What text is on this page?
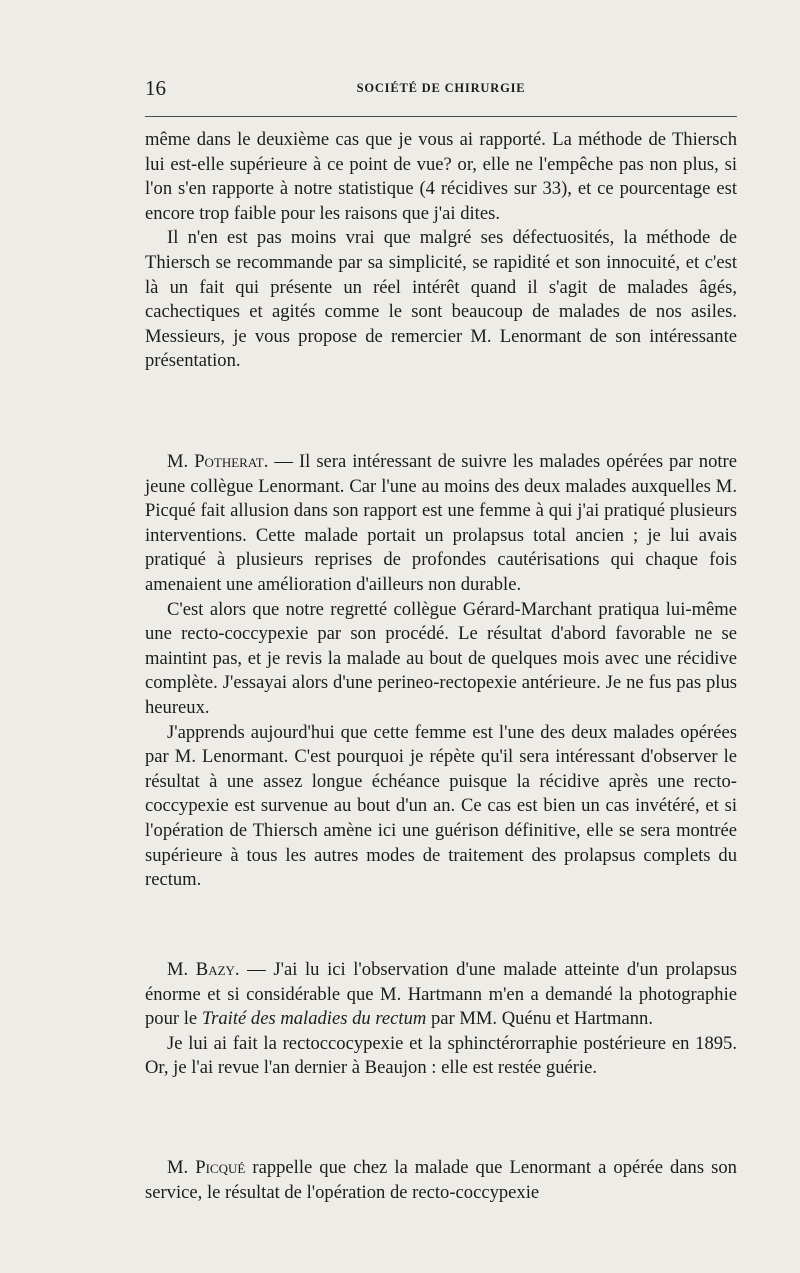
16	SOCIÉTÉ DE CHIRURGIE

même dans le deuxième cas que je vous ai rapporté. La méthode de Thiersch lui est-elle supérieure à ce point de vue? or, elle ne l'empêche pas non plus, si l'on s'en rapporte à notre statistique (4 récidives sur 33), et ce pourcentage est encore trop faible pour les raisons que j'ai dites.

Il n'en est pas moins vrai que malgré ses défectuosités, la méthode de Thiersch se recommande par sa simplicité, se rapidité et son innocuité, et c'est là un fait qui présente un réel intérêt quand il s'agit de malades âgés, cachectiques et agités comme le sont beaucoup de malades de nos asiles. Messieurs, je vous propose de remercier M. Lenormant de son intéressante présentation.

M. Potherat. — Il sera intéressant de suivre les malades opérées par notre jeune collègue Lenormant. Car l'une au moins des deux malades auxquelles M. Picqué fait allusion dans son rapport est une femme à qui j'ai pratiqué plusieurs interventions. Cette malade portait un prolapsus total ancien ; je lui avais pratiqué à plusieurs reprises de profondes cautérisations qui chaque fois amenaient une amélioration d'ailleurs non durable.

C'est alors que notre regretté collègue Gérard-Marchant pratiqua lui-même une recto-coccypexie par son procédé. Le résultat d'abord favorable ne se maintint pas, et je revis la malade au bout de quelques mois avec une récidive complète. J'essayai alors d'une perineo-rectopexie antérieure. Je ne fus pas plus heureux.

J'apprends aujourd'hui que cette femme est l'une des deux malades opérées par M. Lenormant. C'est pourquoi je répète qu'il sera intéressant d'observer le résultat à une assez longue échéance puisque la récidive après une recto-coccypexie est survenue au bout d'un an. Ce cas est bien un cas invétéré, et si l'opération de Thiersch amène ici une guérison définitive, elle se sera montrée supérieure à tous les autres modes de traitement des prolapsus complets du rectum.

M. Bazy. — J'ai lu ici l'observation d'une malade atteinte d'un prolapsus énorme et si considérable que M. Hartmann m'en a demandé la photographie pour le Traité des maladies du rectum par MM. Quénu et Hartmann.

Je lui ai fait la rectoccocypexie et la sphinctérorraphie postérieure en 1895. Or, je l'ai revue l'an dernier à Beaujon : elle est restée guérie.

M. Picqué rappelle que chez la malade que Lenormant a opérée dans son service, le résultat de l'opération de recto-coccypexie
